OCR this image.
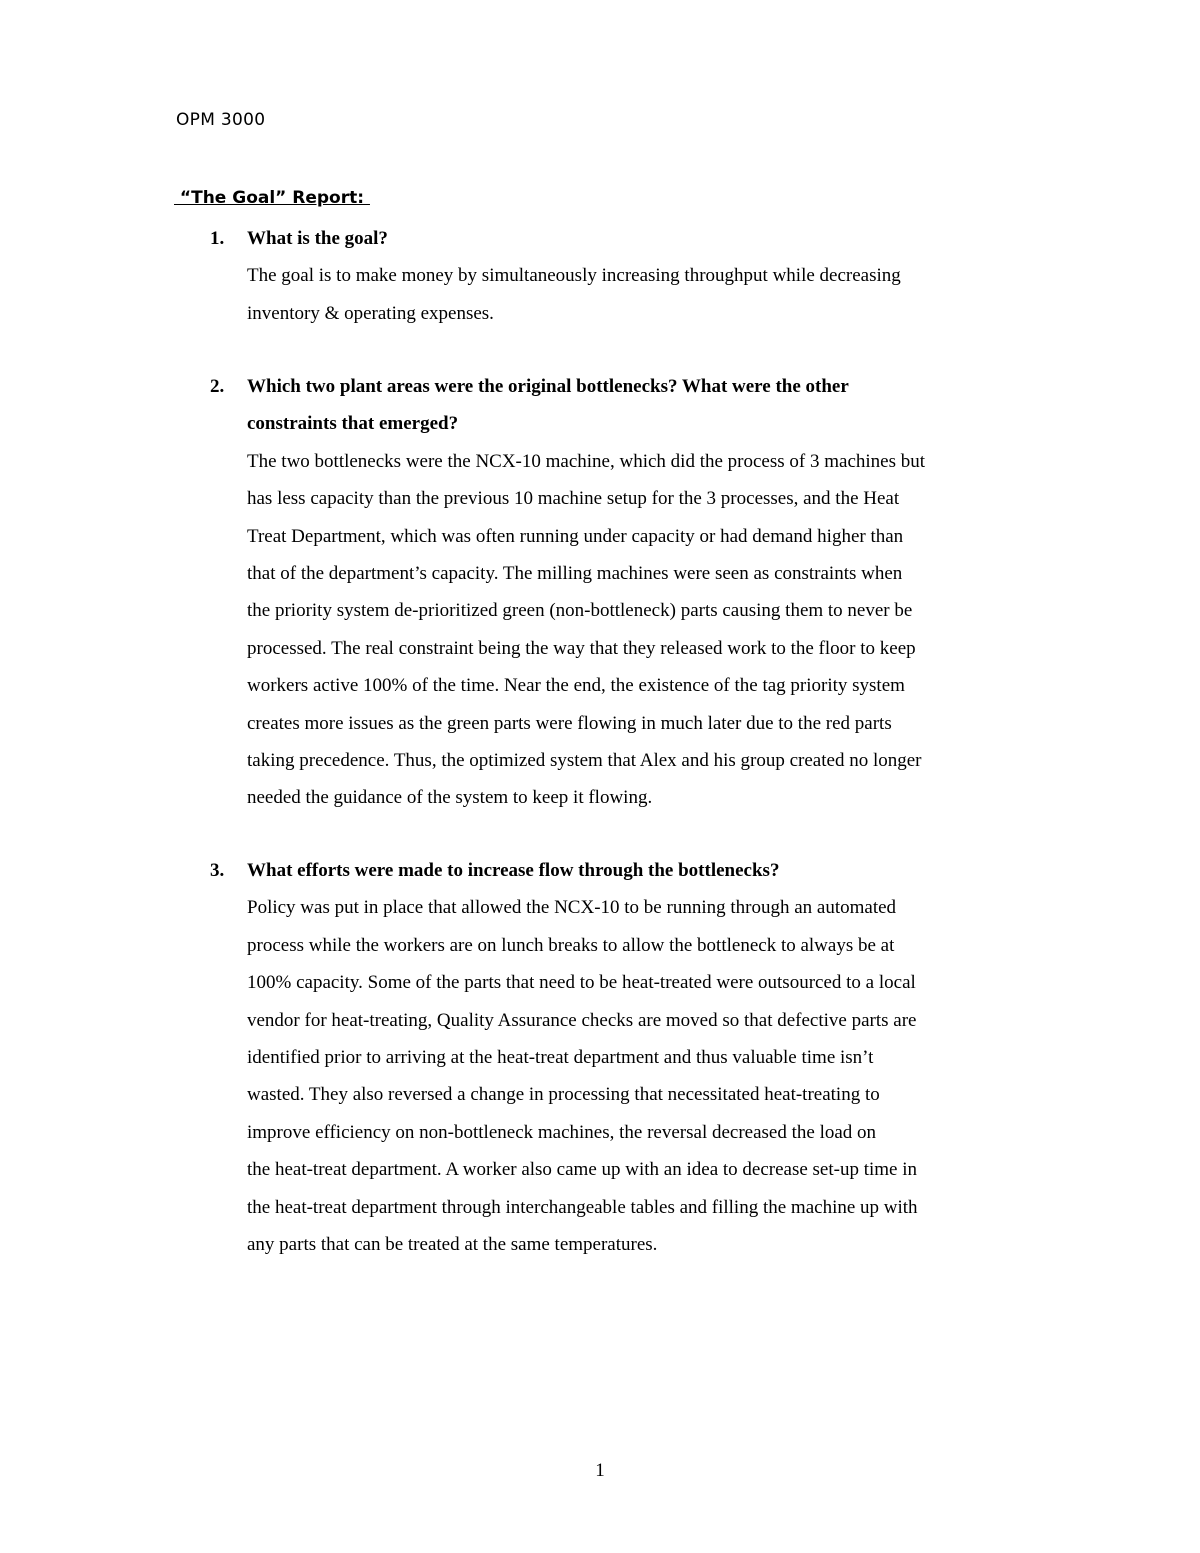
OPM 3000
“The Goal” Report:
1. What is the goal?
The goal is to make money by simultaneously increasing throughput while decreasing
inventory & operating expenses.
2. Which two plant areas were the original bottlenecks? What were the other
constraints that emerged?
The two bottlenecks were the NCX-10 machine, which did the process of 3 machines but
has less capacity than the previous 10 machine setup for the 3 processes, and the Heat
Treat Department, which was often running under capacity or had demand higher than
that of the department’s capacity. The milling machines were seen as constraints when
the priority system de-prioritized green (non-bottleneck) parts causing them to never be
processed. The real constraint being the way that they released work to the floor to keep
workers active 100% of the time. Near the end, the existence of the tag priority system
creates more issues as the green parts were flowing in much later due to the red parts
taking precedence. Thus, the optimized system that Alex and his group created no longer
needed the guidance of the system to keep it flowing.
3. What efforts were made to increase flow through the bottlenecks?
Policy was put in place that allowed the NCX-10 to be running through an automated
process while the workers are on lunch breaks to allow the bottleneck to always be at
100% capacity. Some of the parts that need to be heat-treated were outsourced to a local
vendor for heat-treating, Quality Assurance checks are moved so that defective parts are
identified prior to arriving at the heat-treat department and thus valuable time isn’t
wasted. They also reversed a change in processing that necessitated heat-treating to
improve efficiency on non-bottleneck machines, the reversal decreased the load on
the heat-treat department. A worker also came up with an idea to decrease set-up time in
the heat-treat department through interchangeable tables and filling the machine up with
any parts that can be treated at the same temperatures.
1
